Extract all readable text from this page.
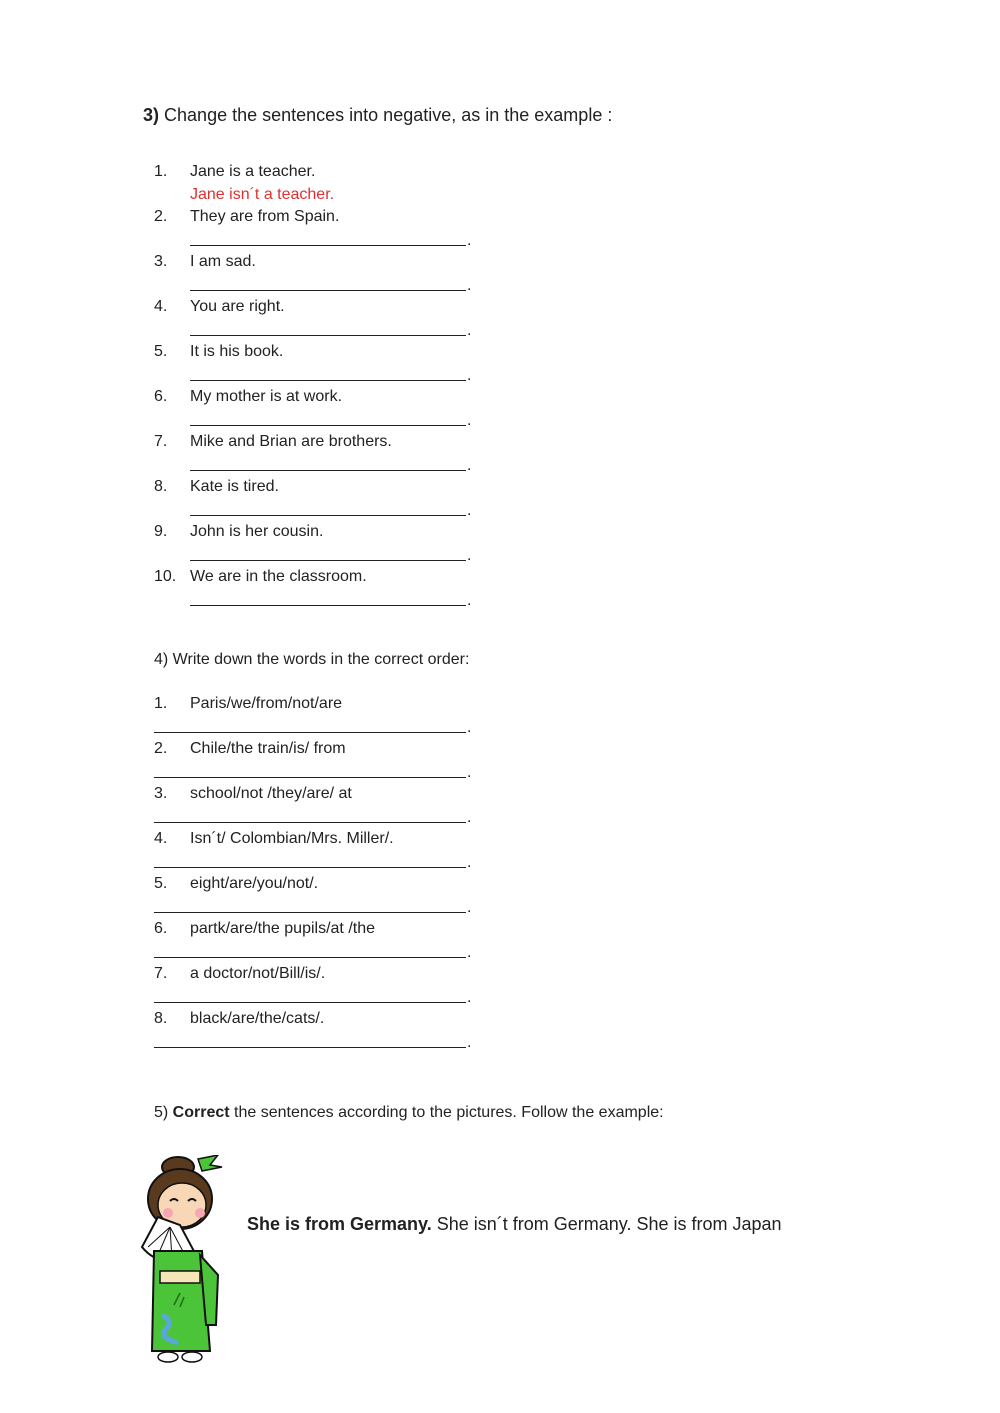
3) Change the sentences into negative, as in the example :
1. Jane is a teacher.
Jane isn´t a teacher.
2. They are from Spain.
.
3. I am sad.
.
4. You are right.
.
5. It is his book.
.
6. My mother is at work.
.
7. Mike and Brian are brothers.
.
8. Kate is tired.
.
9. John is her cousin.
.
10. We are in the classroom.
.
4) Write down the words in the correct order:
1. Paris/we/from/not/are
.
2. Chile/the train/is/ from
.
3. school/not /they/are/ at
.
4. Isn´t/ Colombian/Mrs. Miller/.
.
5. eight/are/you/not/.
.
6. partk/are/the pupils/at /the
.
7. a doctor/not/Bill/is/.
.
8. black/are/the/cats/.
.
5) Correct the sentences according to the pictures. Follow the example:
She is from Germany. She isn´t from Germany. She is from Japan
